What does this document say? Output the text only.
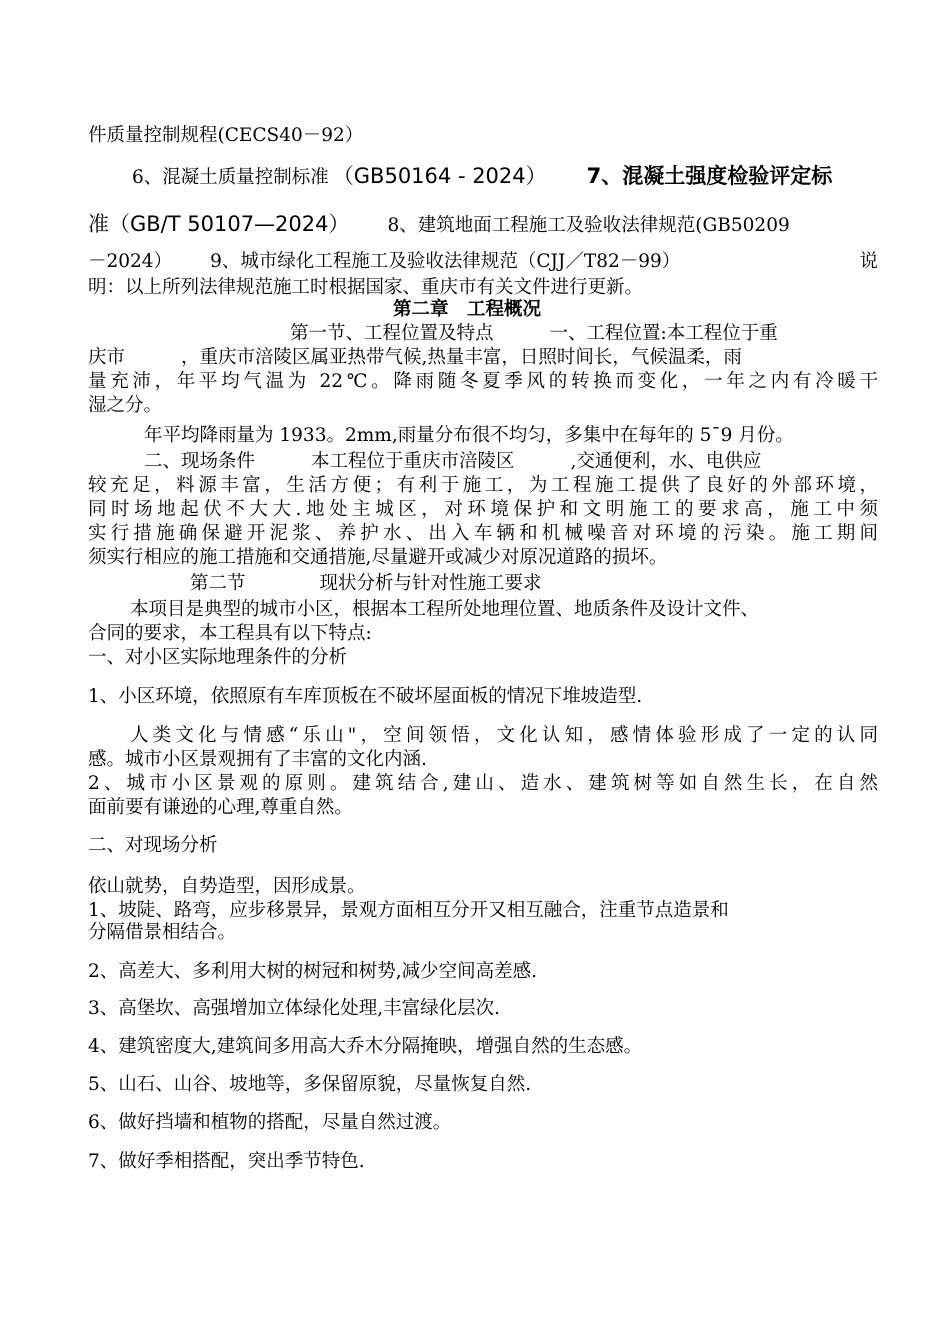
件质量控制规程(CECS40－92）
6、混凝土质量控制标准 （GB50164 - 2024） 7、混凝土强度检验评定标
准（GB/T 50107—2024） 8、建筑地面工程施工及验收法律规范(GB50209
－2024） 9、城市绿化工程施工及验收法律规范（CJJ／T82－99）	说
明：以上所列法律规范施工时根据国家、重庆市有关文件进行更新。
第二章　工程概况
第一节、工程位置及特点	一、工程位置:本工程位于重
庆市	，重庆市涪陵区属亚热带气候,热量丰富，日照时间长，气候温柔，雨
量充沛，年平均气温为 22℃。降雨随冬夏季风的转换而变化，一年之内有冷暖干
湿之分。
年平均降雨量为 1933。2mm,雨量分布很不均匀，多集中在每年的 5¯9 月份。
二、现场条件	本工程位于重庆市涪陵区	,交通便利，水、电供应
较充足，料源丰富，生活方便；有利于施工，为工程施工提供了良好的外部环境，
同时场地起伏不大大.地处主城区，对环境保护和文明施工的要求高，施工中须
实行措施确保避开泥浆、养护水、出入车辆和机械噪音对环境的污染。施工期间
须实行相应的施工措施和交通措施,尽量避开或减少对原况道路的损坏。
第二节	现状分析与针对性施工要求
本项目是典型的城市小区，根据本工程所处地理位置、地质条件及设计文件、
合同的要求，本工程具有以下特点:
一、对小区实际地理条件的分析
1、小区环境，依照原有车库顶板在不破坏屋面板的情况下堆坡造型.
人类文化与情感“乐山"，空间领悟，文化认知，感情体验形成了一定的认同
感。城市小区景观拥有了丰富的文化内涵.
2、城市小区景观的原则。建筑结合,建山、造水、建筑树等如自然生长，在自然
面前要有谦逊的心理,尊重自然。
二、对现场分析
依山就势，自势造型，因形成景。
1、坡陡、路弯，应步移景异，景观方面相互分开又相互融合，注重节点造景和
分隔借景相结合。
2、高差大、多利用大树的树冠和树势,减少空间高差感.
3、高堡坎、高强增加立体绿化处理,丰富绿化层次.
4、建筑密度大,建筑间多用高大乔木分隔掩映，增强自然的生态感。
5、山石、山谷、坡地等，多保留原貌，尽量恢复自然.
6、做好挡墙和植物的搭配，尽量自然过渡。
7、做好季相搭配，突出季节特色.
